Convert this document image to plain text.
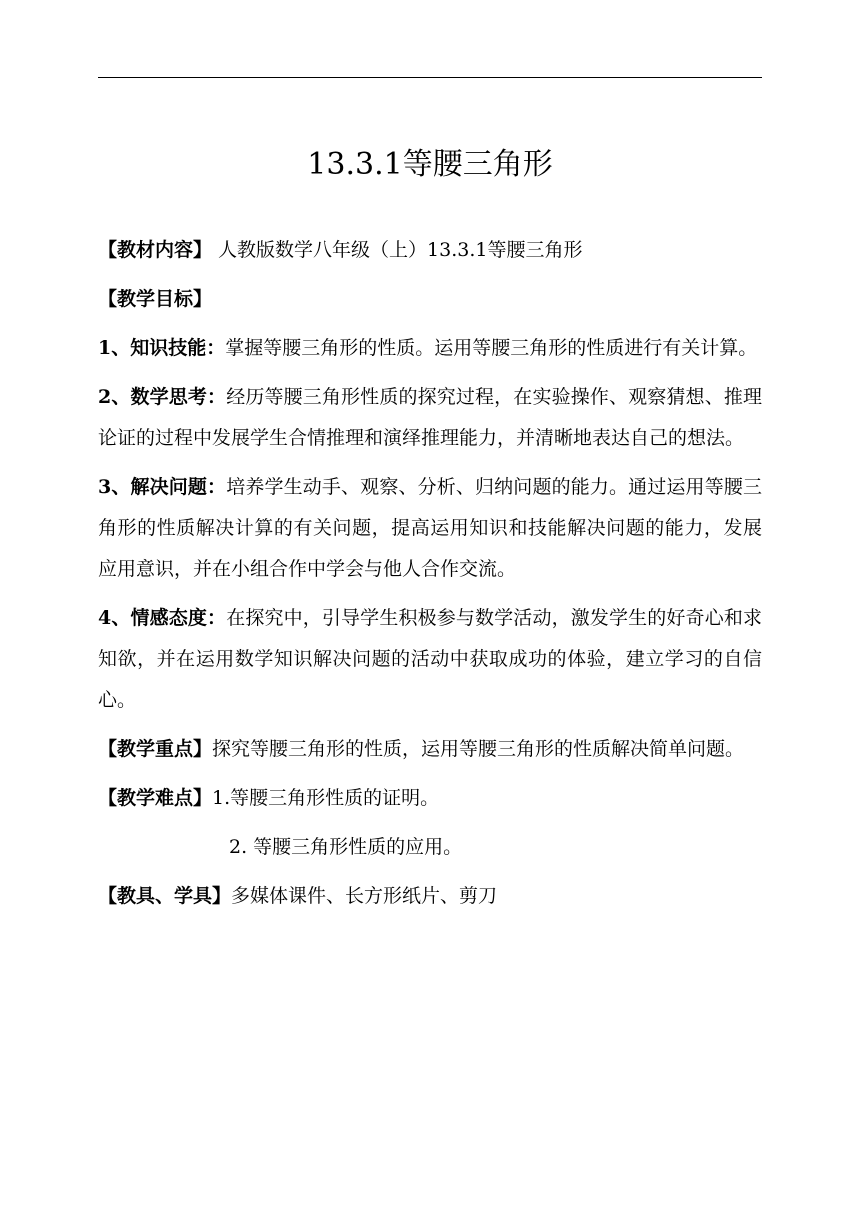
13.3.1等腰三角形

【教材内容】 人教版数学八年级（上）13.3.1等腰三角形

【教学目标】

1、知识技能：掌握等腰三角形的性质。运用等腰三角形的性质进行有关计算。

2、数学思考：经历等腰三角形性质的探究过程，在实验操作、观察猜想、推理论证的过程中发展学生合情推理和演绎推理能力，并清晰地表达自己的想法。

3、解决问题：培养学生动手、观察、分析、归纳问题的能力。通过运用等腰三角形的性质解决计算的有关问题，提高运用知识和技能解决问题的能力，发展应用意识，并在小组合作中学会与他人合作交流。

4、情感态度：在探究中，引导学生积极参与数学活动，激发学生的好奇心和求知欲，并在运用数学知识解决问题的活动中获取成功的体验，建立学习的自信心。

【教学重点】探究等腰三角形的性质，运用等腰三角形的性质解决简单问题。

【教学难点】1.等腰三角形性质的证明。

2. 等腰三角形性质的应用。

【教具、学具】多媒体课件、长方形纸片、剪刀
